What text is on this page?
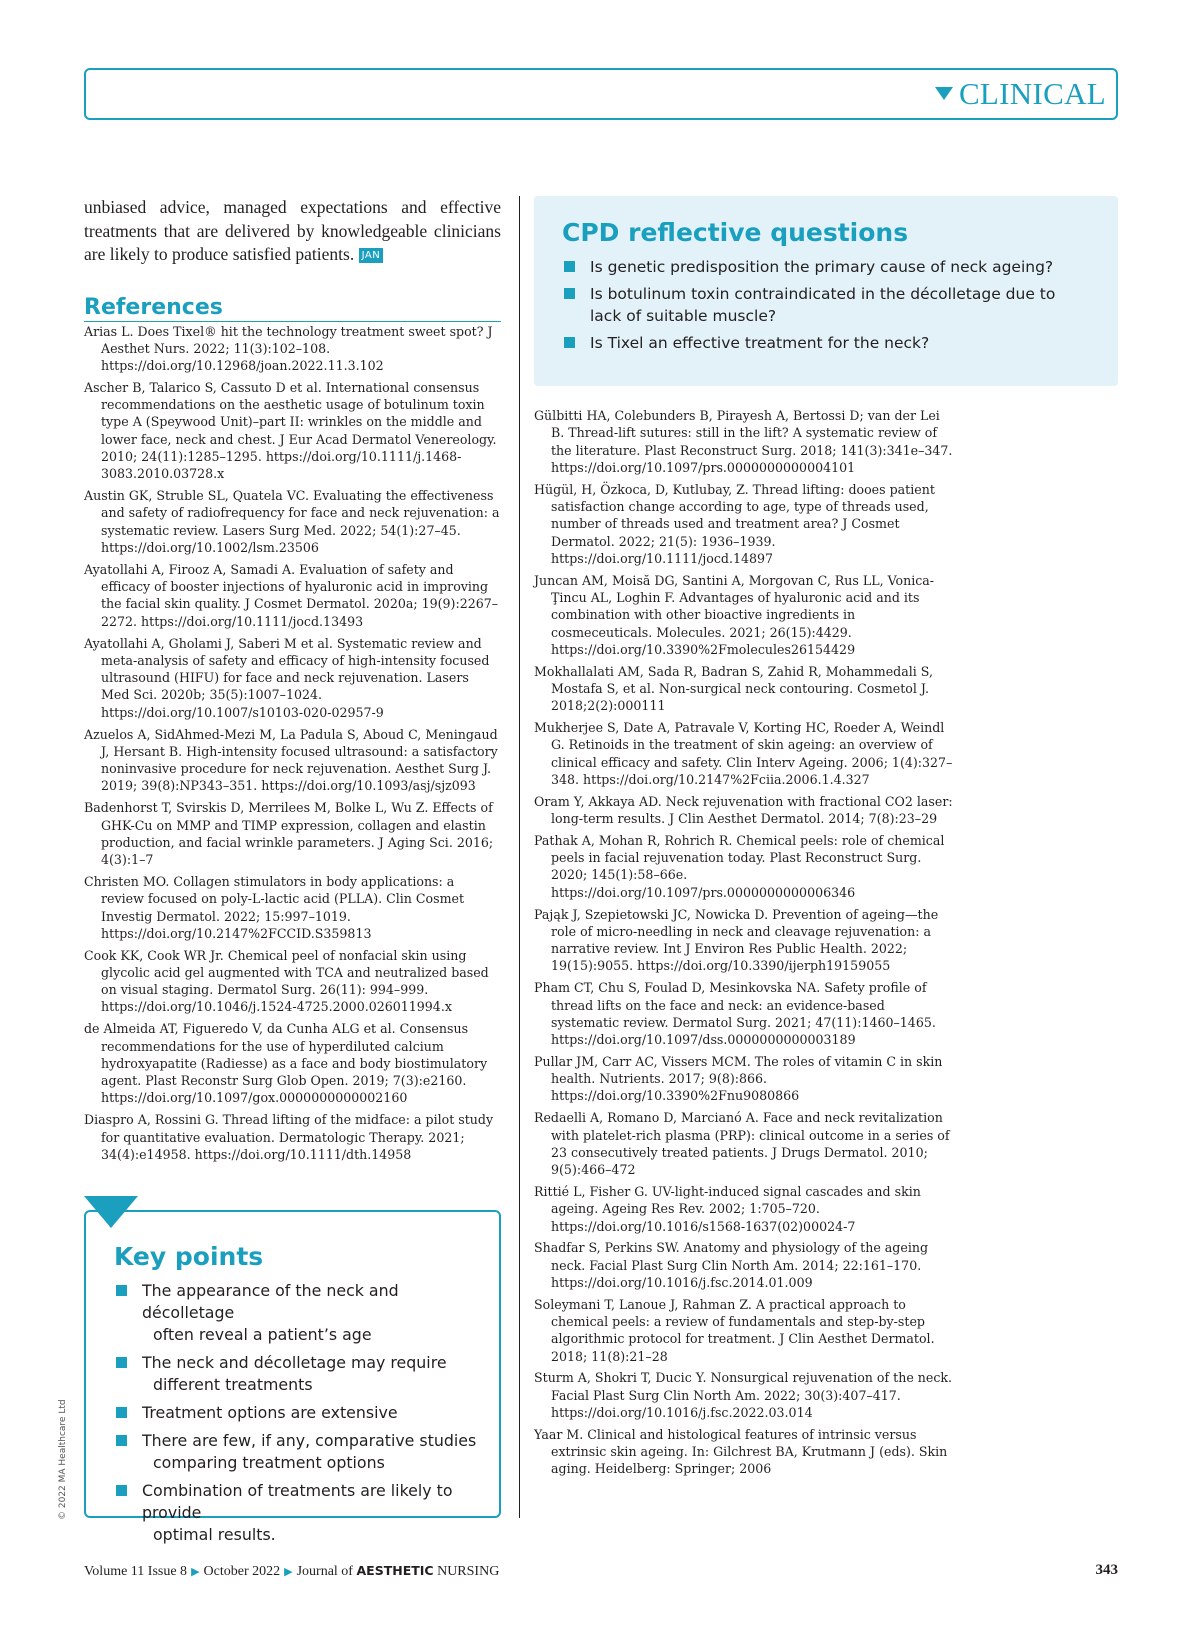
CLINICAL

unbiased advice, managed expectations and effective treatments that are delivered by knowledgeable clinicians are likely to produce satisfied patients. JAN

References
Arias L. Does Tixel® hit the technology treatment sweet spot? J Aesthet Nurs. 2022; 11(3):102–108. https://doi.org/10.12968/joan.2022.11.3.102
Ascher B, Talarico S, Cassuto D et al. International consensus recommendations on the aesthetic usage of botulinum toxin type A (Speywood Unit)–part II: wrinkles on the middle and lower face, neck and chest. J Eur Acad Dermatol Venereology. 2010; 24(11):1285–1295. https://doi.org/10.1111/j.1468-3083.2010.03728.x
Austin GK, Struble SL, Quatela VC. Evaluating the effectiveness and safety of radiofrequency for face and neck rejuvenation: a systematic review. Lasers Surg Med. 2022; 54(1):27–45. https://doi.org/10.1002/lsm.23506
Ayatollahi A, Firooz A, Samadi A. Evaluation of safety and efficacy of booster injections of hyaluronic acid in improving the facial skin quality. J Cosmet Dermatol. 2020a; 19(9):2267–2272. https://doi.org/10.1111/jocd.13493
Ayatollahi A, Gholami J, Saberi M et al. Systematic review and meta-analysis of safety and efficacy of high-intensity focused ultrasound (HIFU) for face and neck rejuvenation. Lasers Med Sci. 2020b; 35(5):1007–1024. https://doi.org/10.1007/s10103-020-02957-9
Azuelos A, SidAhmed-Mezi M, La Padula S, Aboud C, Meningaud J, Hersant B. High-intensity focused ultrasound: a satisfactory noninvasive procedure for neck rejuvenation. Aesthet Surg J. 2019; 39(8):NP343–351. https://doi.org/10.1093/asj/sjz093
Badenhorst T, Svirskis D, Merrilees M, Bolke L, Wu Z. Effects of GHK-Cu on MMP and TIMP expression, collagen and elastin production, and facial wrinkle parameters. J Aging Sci. 2016; 4(3):1–7
Christen MO. Collagen stimulators in body applications: a review focused on poly-L-lactic acid (PLLA). Clin Cosmet Investig Dermatol. 2022; 15:997–1019. https://doi.org/10.2147%2FCCID.S359813
Cook KK, Cook WR Jr. Chemical peel of nonfacial skin using glycolic acid gel augmented with TCA and neutralized based on visual staging. Dermatol Surg. 26(11): 994–999. https://doi.org/10.1046/j.1524-4725.2000.026011994.x
de Almeida AT, Figueredo V, da Cunha ALG et al. Consensus recommendations for the use of hyperdiluted calcium hydroxyapatite (Radiesse) as a face and body biostimulatory agent. Plast Reconstr Surg Glob Open. 2019; 7(3):e2160. https://doi.org/10.1097/gox.0000000000002160
Diaspro A, Rossini G. Thread lifting of the midface: a pilot study for quantitative evaluation. Dermatologic Therapy. 2021; 34(4):e14958. https://doi.org/10.1111/dth.14958
CPD reflective questions
Is genetic predisposition the primary cause of neck ageing?
Is botulinum toxin contraindicated in the décolletage due to lack of suitable muscle?
Is Tixel an effective treatment for the neck?
Gülbitti HA, Colebunders B, Pirayesh A, Bertossi D; van der Lei B. Thread-lift sutures: still in the lift? A systematic review of the literature. Plast Reconstruct Surg. 2018; 141(3):341e–347. https://doi.org/10.1097/prs.0000000000004101
Hügül, H, Özkoca, D, Kutlubay, Z. Thread lifting: dooes patient satisfaction change according to age, type of threads used, number of threads used and treatment area? J Cosmet Dermatol. 2022; 21(5): 1936–1939. https://doi.org/10.1111/jocd.14897
Juncan AM, Moisă DG, Santini A, Morgovan C, Rus LL, Vonica-Ţincu AL, Loghin F. Advantages of hyaluronic acid and its combination with other bioactive ingredients in cosmeceuticals. Molecules. 2021; 26(15):4429. https://doi.org/10.3390%2Fmolecules26154429
Mokhallalati AM, Sada R, Badran S, Zahid R, Mohammedali S, Mostafa S, et al. Non-surgical neck contouring. Cosmetol J. 2018;2(2):000111
Mukherjee S, Date A, Patravale V, Korting HC, Roeder A, Weindl G. Retinoids in the treatment of skin ageing: an overview of clinical efficacy and safety. Clin Interv Ageing. 2006; 1(4):327–348. https://doi.org/10.2147%2Fciia.2006.1.4.327
Oram Y, Akkaya AD. Neck rejuvenation with fractional CO2 laser: long-term results. J Clin Aesthet Dermatol. 2014; 7(8):23–29
Pathak A, Mohan R, Rohrich R. Chemical peels: role of chemical peels in facial rejuvenation today. Plast Reconstruct Surg. 2020; 145(1):58–66e. https://doi.org/10.1097/prs.0000000000006346
Pająk J, Szepietowski JC, Nowicka D. Prevention of ageing—the role of micro-needling in neck and cleavage rejuvenation: a narrative review. Int J Environ Res Public Health. 2022; 19(15):9055. https://doi.org/10.3390/ijerph19159055
Pham CT, Chu S, Foulad D, Mesinkovska NA. Safety profile of thread lifts on the face and neck: an evidence-based systematic review. Dermatol Surg. 2021; 47(11):1460–1465. https://doi.org/10.1097/dss.0000000000003189
Pullar JM, Carr AC, Vissers MCM. The roles of vitamin C in skin health. Nutrients. 2017; 9(8):866. https://doi.org/10.3390%2Fnu9080866
Redaelli A, Romano D, Marcianó A. Face and neck revitalization with platelet-rich plasma (PRP): clinical outcome in a series of 23 consecutively treated patients. J Drugs Dermatol. 2010; 9(5):466–472
Rittié L, Fisher G. UV-light-induced signal cascades and skin ageing. Ageing Res Rev. 2002; 1:705–720. https://doi.org/10.1016/s1568-1637(02)00024-7
Shadfar S, Perkins SW. Anatomy and physiology of the ageing neck. Facial Plast Surg Clin North Am. 2014; 22:161–170. https://doi.org/10.1016/j.fsc.2014.01.009
Soleymani T, Lanoue J, Rahman Z. A practical approach to chemical peels: a review of fundamentals and step-by-step algorithmic protocol for treatment. J Clin Aesthet Dermatol. 2018; 11(8):21–28
Sturm A, Shokri T, Ducic Y. Nonsurgical rejuvenation of the neck. Facial Plast Surg Clin North Am. 2022; 30(3):407–417. https://doi.org/10.1016/j.fsc.2022.03.014
Yaar M. Clinical and histological features of intrinsic versus extrinsic skin ageing. In: Gilchrest BA, Krutmann J (eds). Skin aging. Heidelberg: Springer; 2006
Key points
The appearance of the neck and décolletage
often reveal a patient’s age
The neck and décolletage may require
different treatments
Treatment options are extensive
There are few, if any, comparative studies
comparing treatment options
Combination of treatments are likely to provide
optimal results.
© 2022 MA Healthcare Ltd
Volume 11 Issue 8 ▶ October 2022 ▶ Journal of AESTHETIC NURSING	343
